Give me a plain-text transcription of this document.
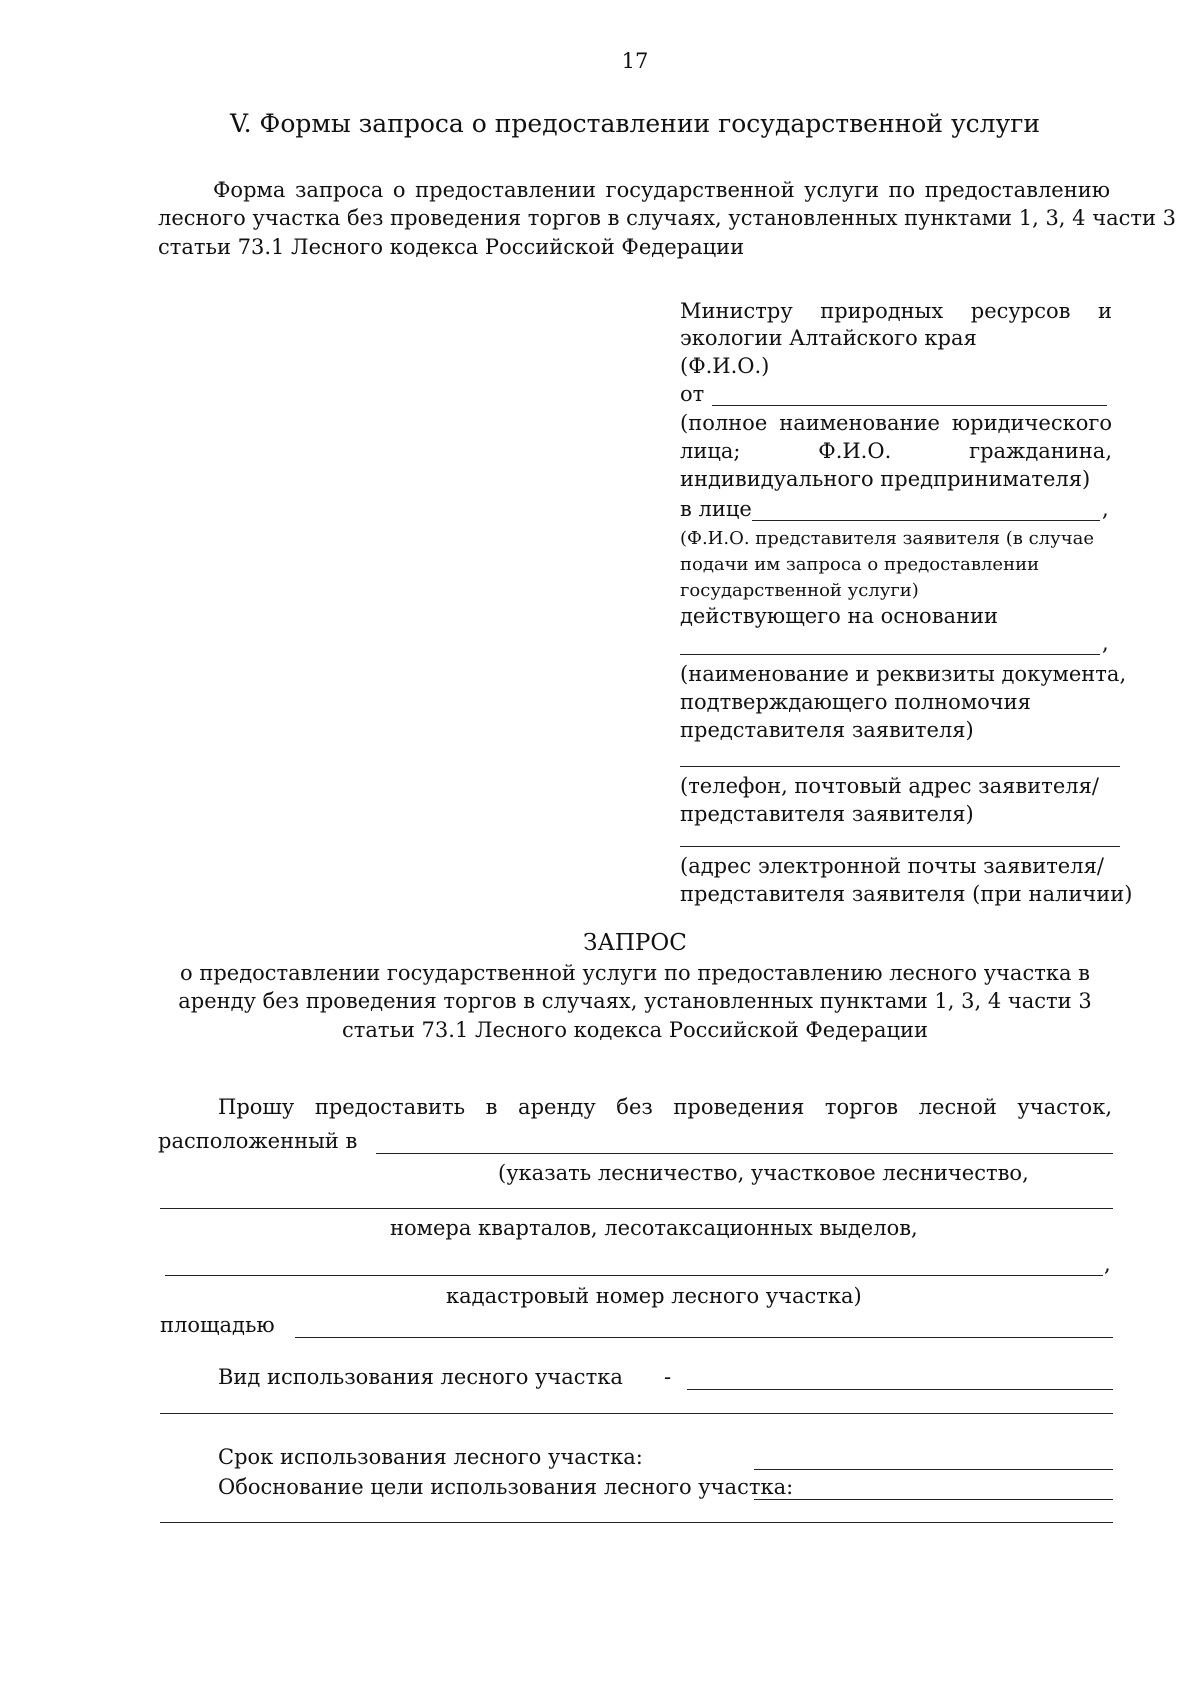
17
V. Формы запроса о предоставлении государственной услуги
Форма запроса о предоставлении государственной услуги по предоставлению
лесного участка без проведения торгов в случаях, установленных пунктами 1, 3, 4 части 3
статьи 73.1 Лесного кодекса Российской Федерации
Министру природных ресурсов и
экологии Алтайского края
(Ф.И.О.)
от
(полное наименование юридического
лица; Ф.И.О. гражданина,
индивидуального предпринимателя)
в лице	,
(Ф.И.О. представителя заявителя (в случае
подачи им запроса о предоставлении
государственной услуги)
действующего на основании
,
(наименование и реквизиты документа,
подтверждающего полномочия
представителя заявителя)
(телефон, почтовый адрес заявителя/
представителя заявителя)
(адрес электронной почты заявителя/
представителя заявителя (при наличии)
ЗАПРОС
о предоставлении государственной услуги по предоставлению лесного участка в
аренду без проведения торгов в случаях, установленных пунктами 1, 3, 4 части 3
статьи 73.1 Лесного кодекса Российской Федерации
Прошу предоставить в аренду без проведения торгов лесной участок,
расположенный в
(указать лесничество, участковое лесничество,
номера кварталов, лесотаксационных выделов,
,
кадастровый номер лесного участка)
площадью
Вид использования лесного участка -
Срок использования лесного участка:
Обоснование цели использования лесного участка:
